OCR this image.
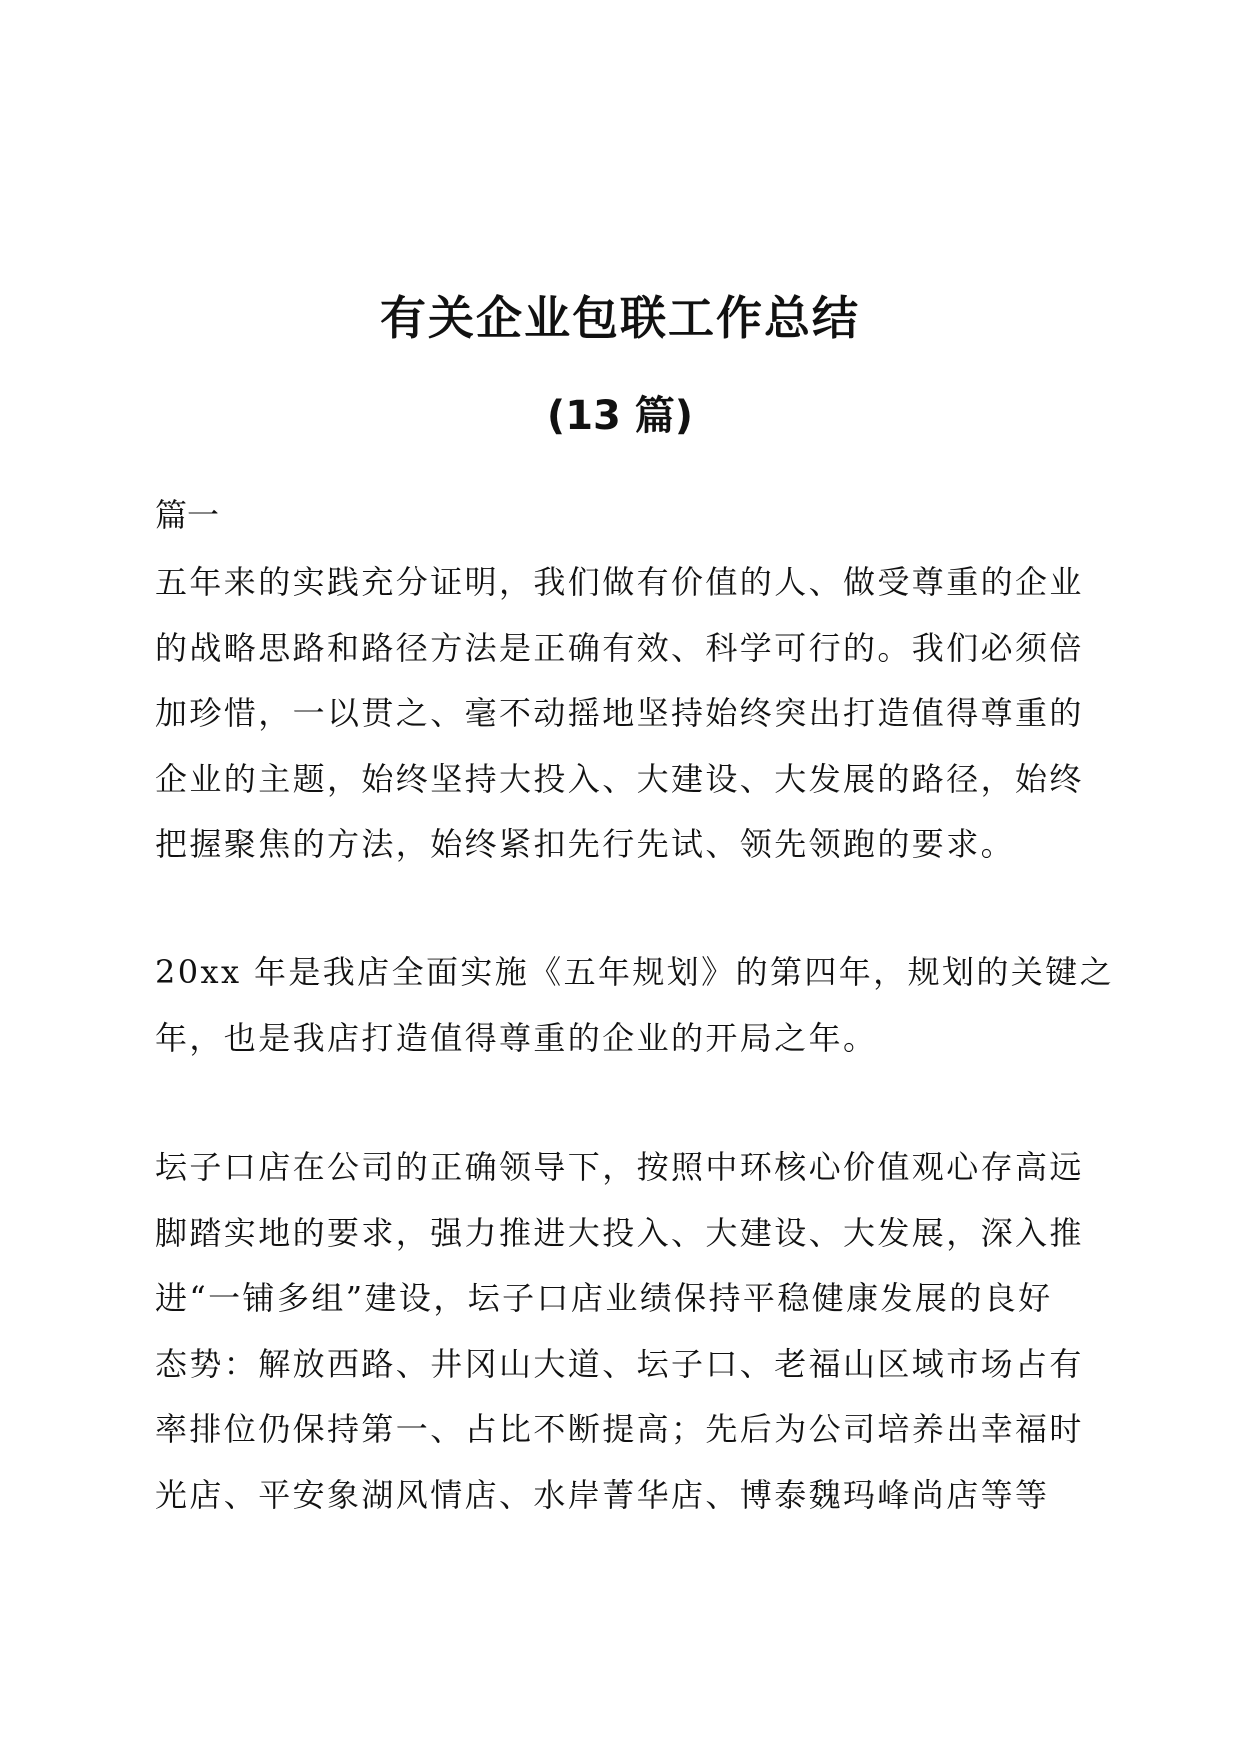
有关企业包联工作总结
(13 篇)
篇一

五年来的实践充分证明，我们做有价值的人、做受尊重的企业
的战略思路和路径方法是正确有效、科学可行的。我们必须倍
加珍惜，一以贯之、毫不动摇地坚持始终突出打造值得尊重的
企业的主题，始终坚持大投入、大建设、大发展的路径，始终
把握聚焦的方法，始终紧扣先行先试、领先领跑的要求。

20xx 年是我店全面实施《五年规划》的第四年，规划的关键之
年，也是我店打造值得尊重的企业的开局之年。

坛子口店在公司的正确领导下，按照中环核心价值观心存高远
脚踏实地的要求，强力推进大投入、大建设、大发展，深入推
进“一铺多组”建设，坛子口店业绩保持平稳健康发展的良好
态势：解放西路、井冈山大道、坛子口、老福山区域市场占有
率排位仍保持第一、占比不断提高；先后为公司培养出幸福时
光店、平安象湖风情店、水岸菁华店、博泰魏玛峰尚店等等
